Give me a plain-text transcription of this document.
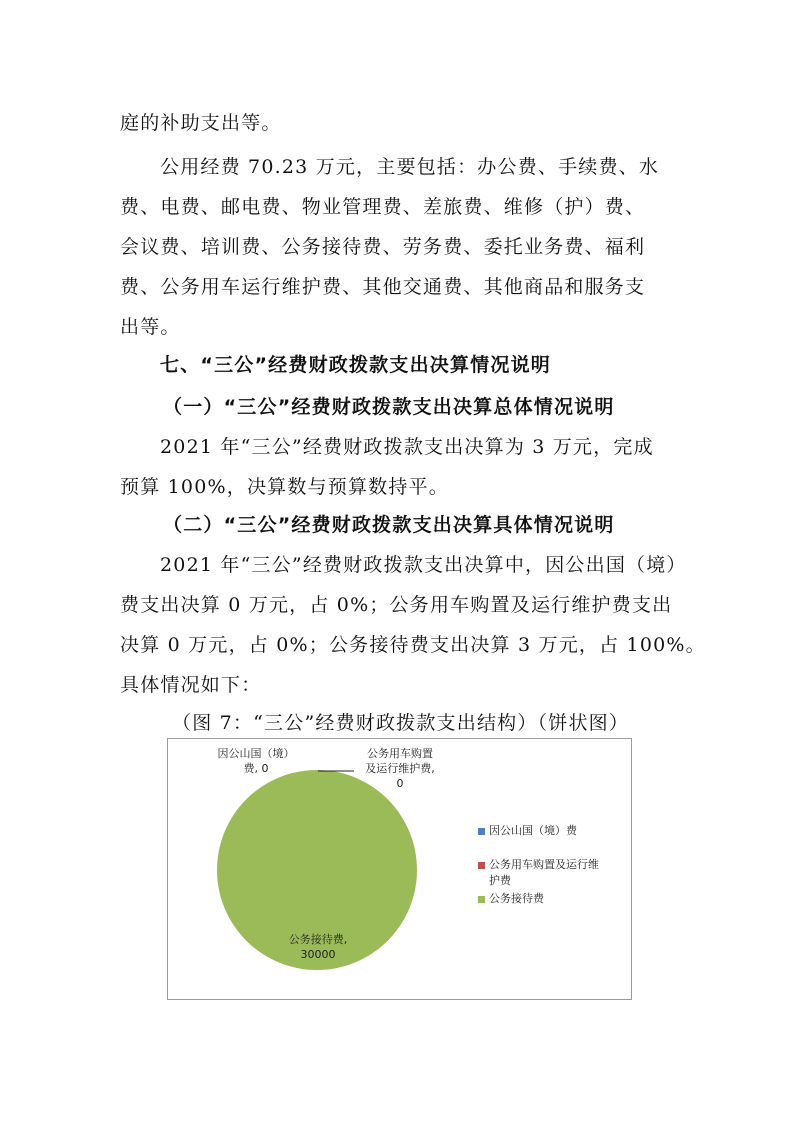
庭的补助支出等。
公用经费 70.23 万元，主要包括：办公费、手续费、水
费、电费、邮电费、物业管理费、差旅费、维修（护）费、
会议费、培训费、公务接待费、劳务费、委托业务费、福利
费、公务用车运行维护费、其他交通费、其他商品和服务支
出等。
七、“三公”经费财政拨款支出决算情况说明
（一）“三公”经费财政拨款支出决算总体情况说明
2021 年“三公”经费财政拨款支出决算为 3 万元，完成
预算 100%，决算数与预算数持平。
（二）“三公”经费财政拨款支出决算具体情况说明
2021 年“三公”经费财政拨款支出决算中，因公出国（境）
费支出决算 0 万元，占 0%；公务用车购置及运行维护费支出
决算 0 万元，占 0%；公务接待费支出决算 3 万元，占 100%。
具体情况如下：
（图 7：“三公”经费财政拨款支出结构）（饼状图）
因公山国（境）
费, 0
公务用车购置
及运行维护费,
0
公务接待费,
30000
因公山国（境）费
公务用车购置及运行维
护费
公务接待费
